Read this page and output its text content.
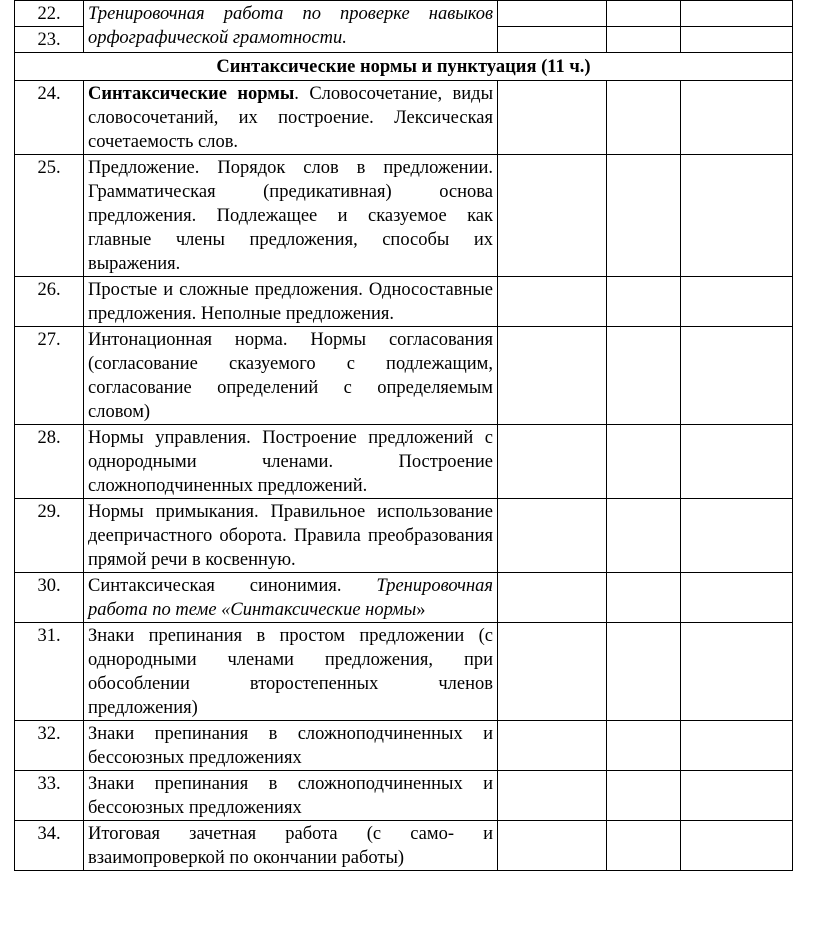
22.	Тренировочная работа по проверке навыков орфографической грамотности.			
23.				
Синтаксические нормы и пунктуация (11 ч.)				
24.	Синтаксические нормы. Словосочетание, виды словосочетаний, их построение. Лексическая сочетаемость слов.			
25.	Предложение. Порядок слов в предложении. Грамматическая (предикативная) основа предложения. Подлежащее и сказуемое как главные члены предложения, способы их выражения.			
26.	Простые и сложные предложения. Односоставные предложения. Неполные предложения.			
27.	Интонационная норма. Нормы согласования (согласование сказуемого с подлежащим, согласование определений с определяемым словом)			
28.	Нормы управления. Построение предложений с однородными членами. Построение сложноподчиненных предложений.			
29.	Нормы примыкания. Правильное использование деепричастного оборота. Правила преобразования прямой речи в косвенную.			
30.	Синтаксическая синонимия. Тренировочная работа по теме «Синтаксические нормы»			
31.	Знаки препинания в простом предложении (с однородными членами предложения, при обособлении второстепенных членов предложения)			
32.	Знаки препинания в сложноподчиненных и бессоюзных предложениях			
33.	Знаки препинания в сложноподчиненных и бессоюзных предложениях			
34.	Итоговая зачетная работа (с само- и взаимопроверкой по окончании работы)			
